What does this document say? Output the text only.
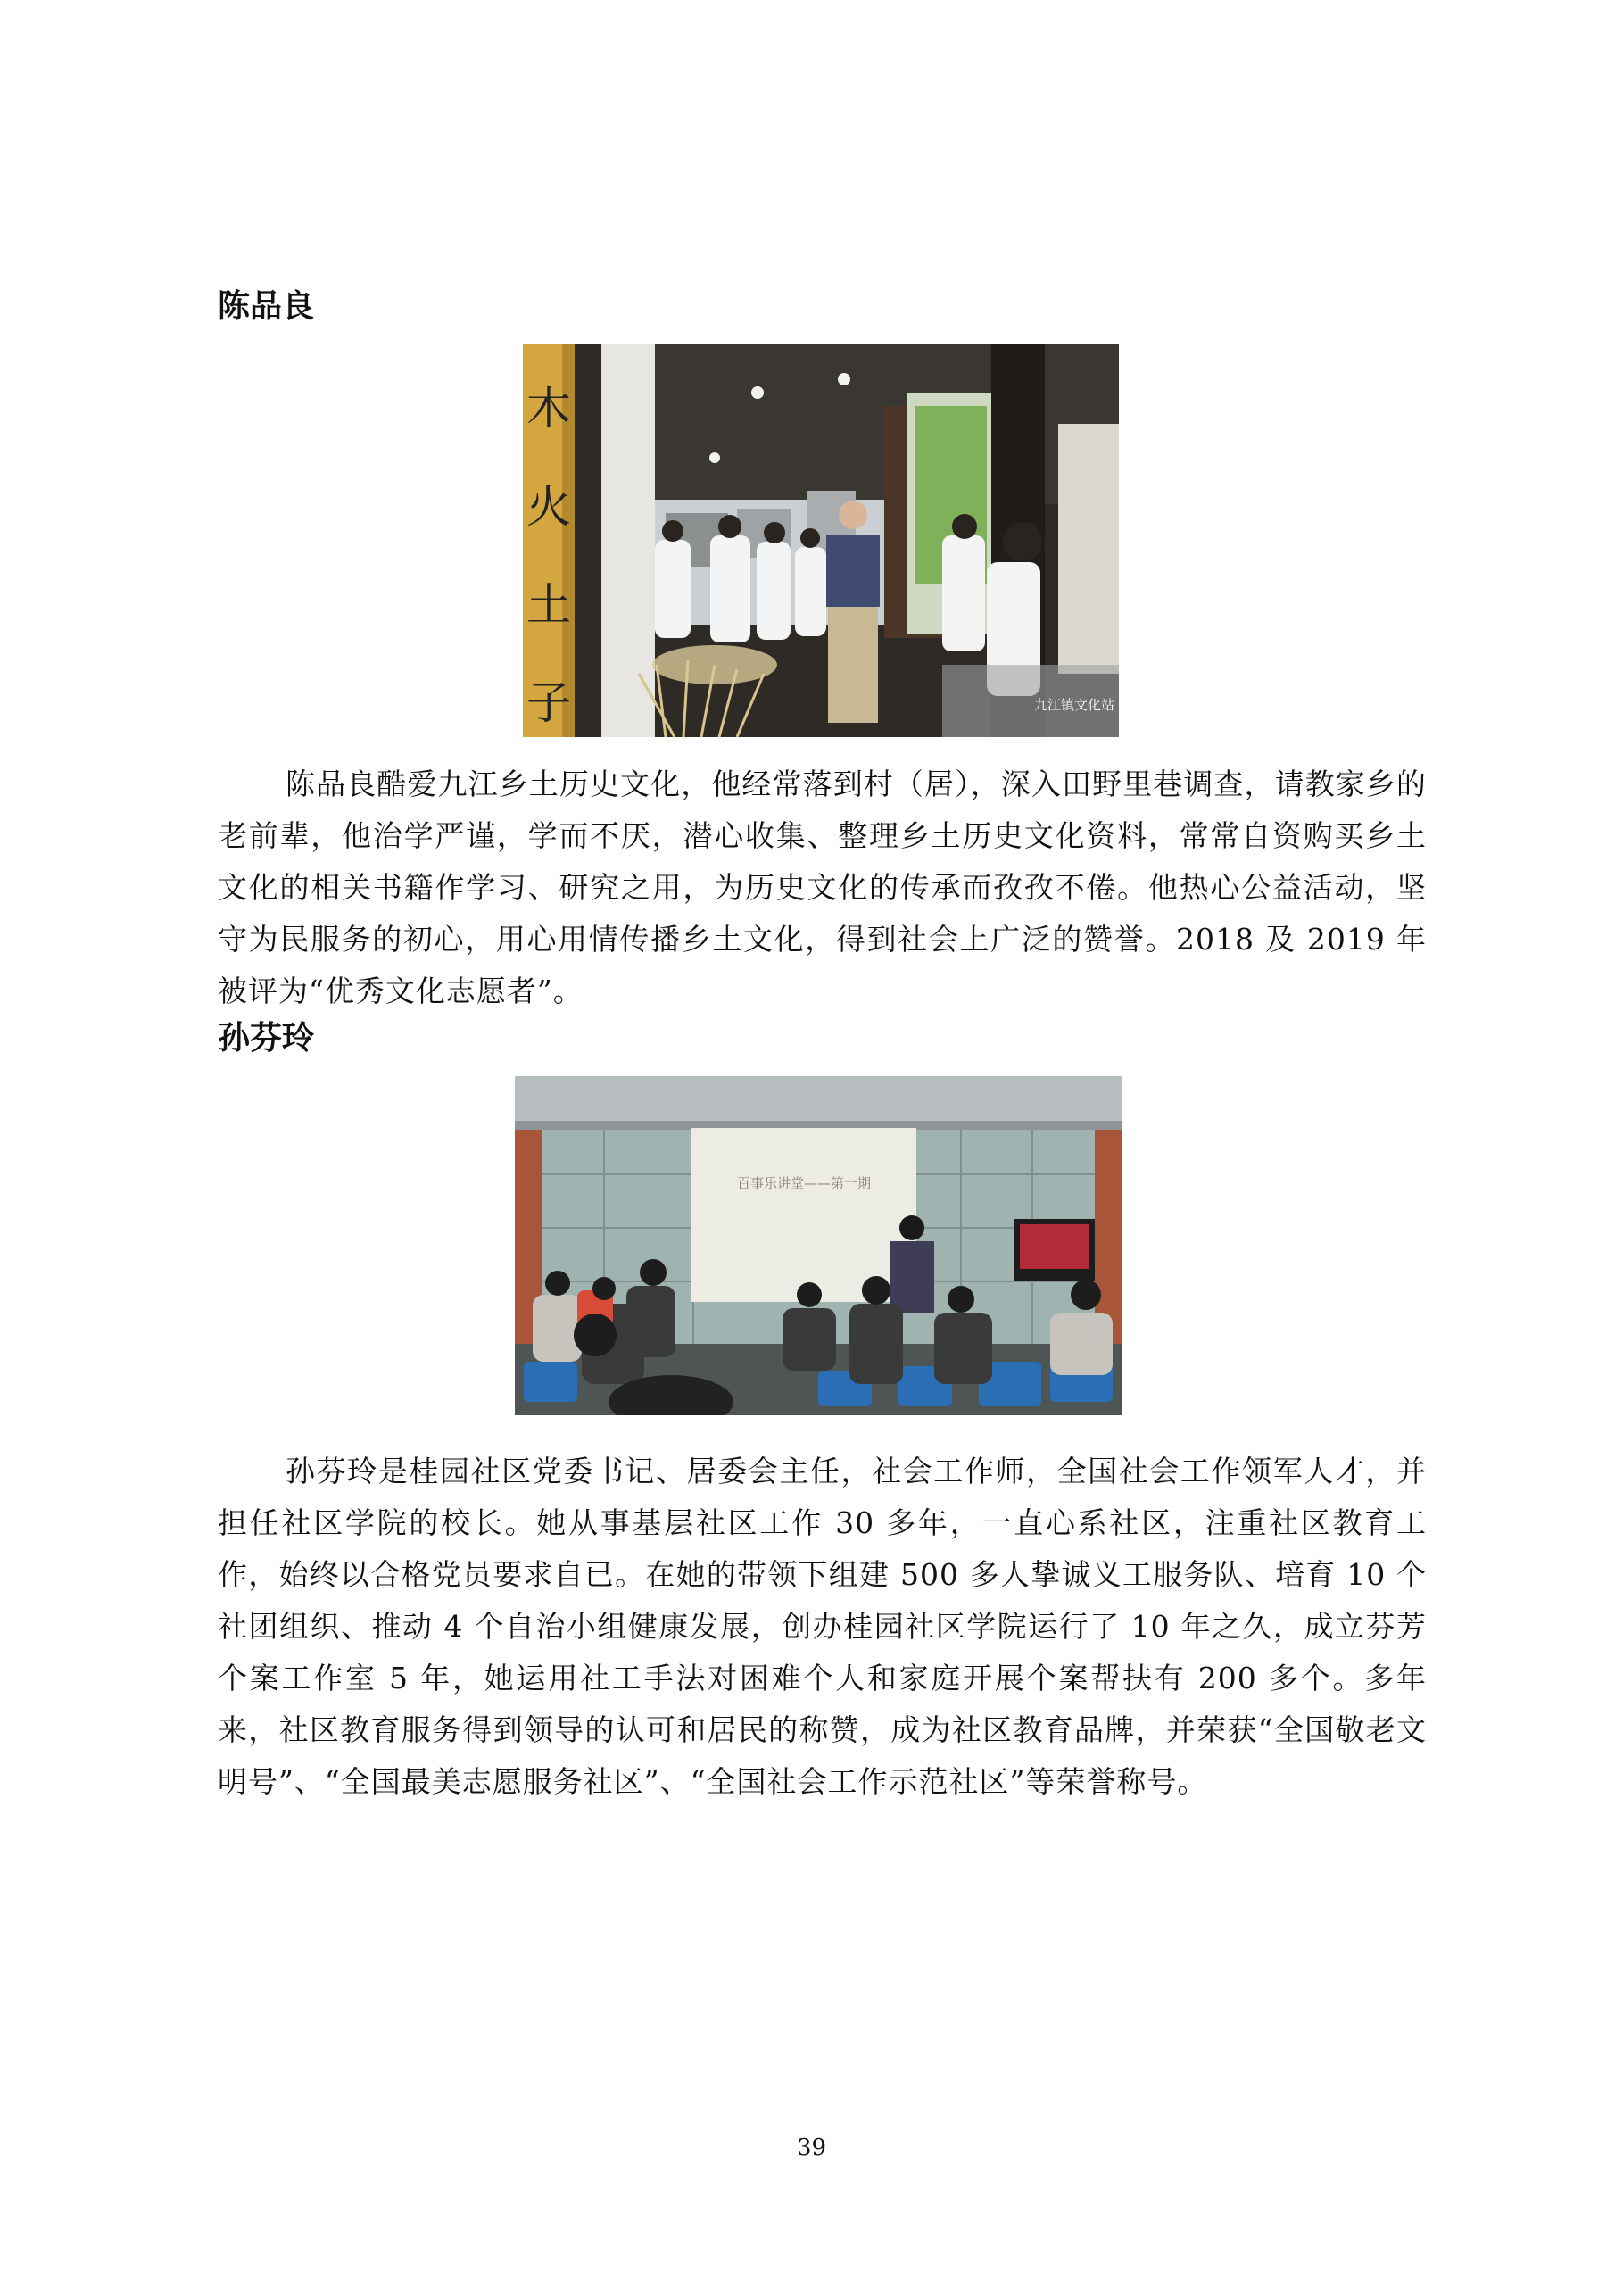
陈品良
木
火
土
子	九江镇文化站

陈品良酷爱九江乡土历史文化，他经常落到村（居），深入田野里巷调查，请教家乡的老前辈，他治学严谨，学而不厌，潜心收集、整理乡土历史文化资料，常常自资购买乡土文化的相关书籍作学习、研究之用，为历史文化的传承而孜孜不倦。他热心公益活动，坚守为民服务的初心，用心用情传播乡土文化，得到社会上广泛的赞誉。2018 及 2019 年被评为“优秀文化志愿者”。

孙芬玲
百事乐讲堂——第一期

孙芬玲是桂园社区党委书记、居委会主任，社会工作师，全国社会工作领军人才，并担任社区学院的校长。她从事基层社区工作 30 多年，一直心系社区，注重社区教育工作，始终以合格党员要求自已。在她的带领下组建 500 多人挚诚义工服务队、培育 10 个社团组织、推动 4 个自治小组健康发展，创办桂园社区学院运行了 10 年之久，成立芬芳个案工作室 5 年，她运用社工手法对困难个人和家庭开展个案帮扶有 200 多个。多年来，社区教育服务得到领导的认可和居民的称赞，成为社区教育品牌，并荣获“全国敬老文明号”、“全国最美志愿服务社区”、“全国社会工作示范社区”等荣誉称号。

39
